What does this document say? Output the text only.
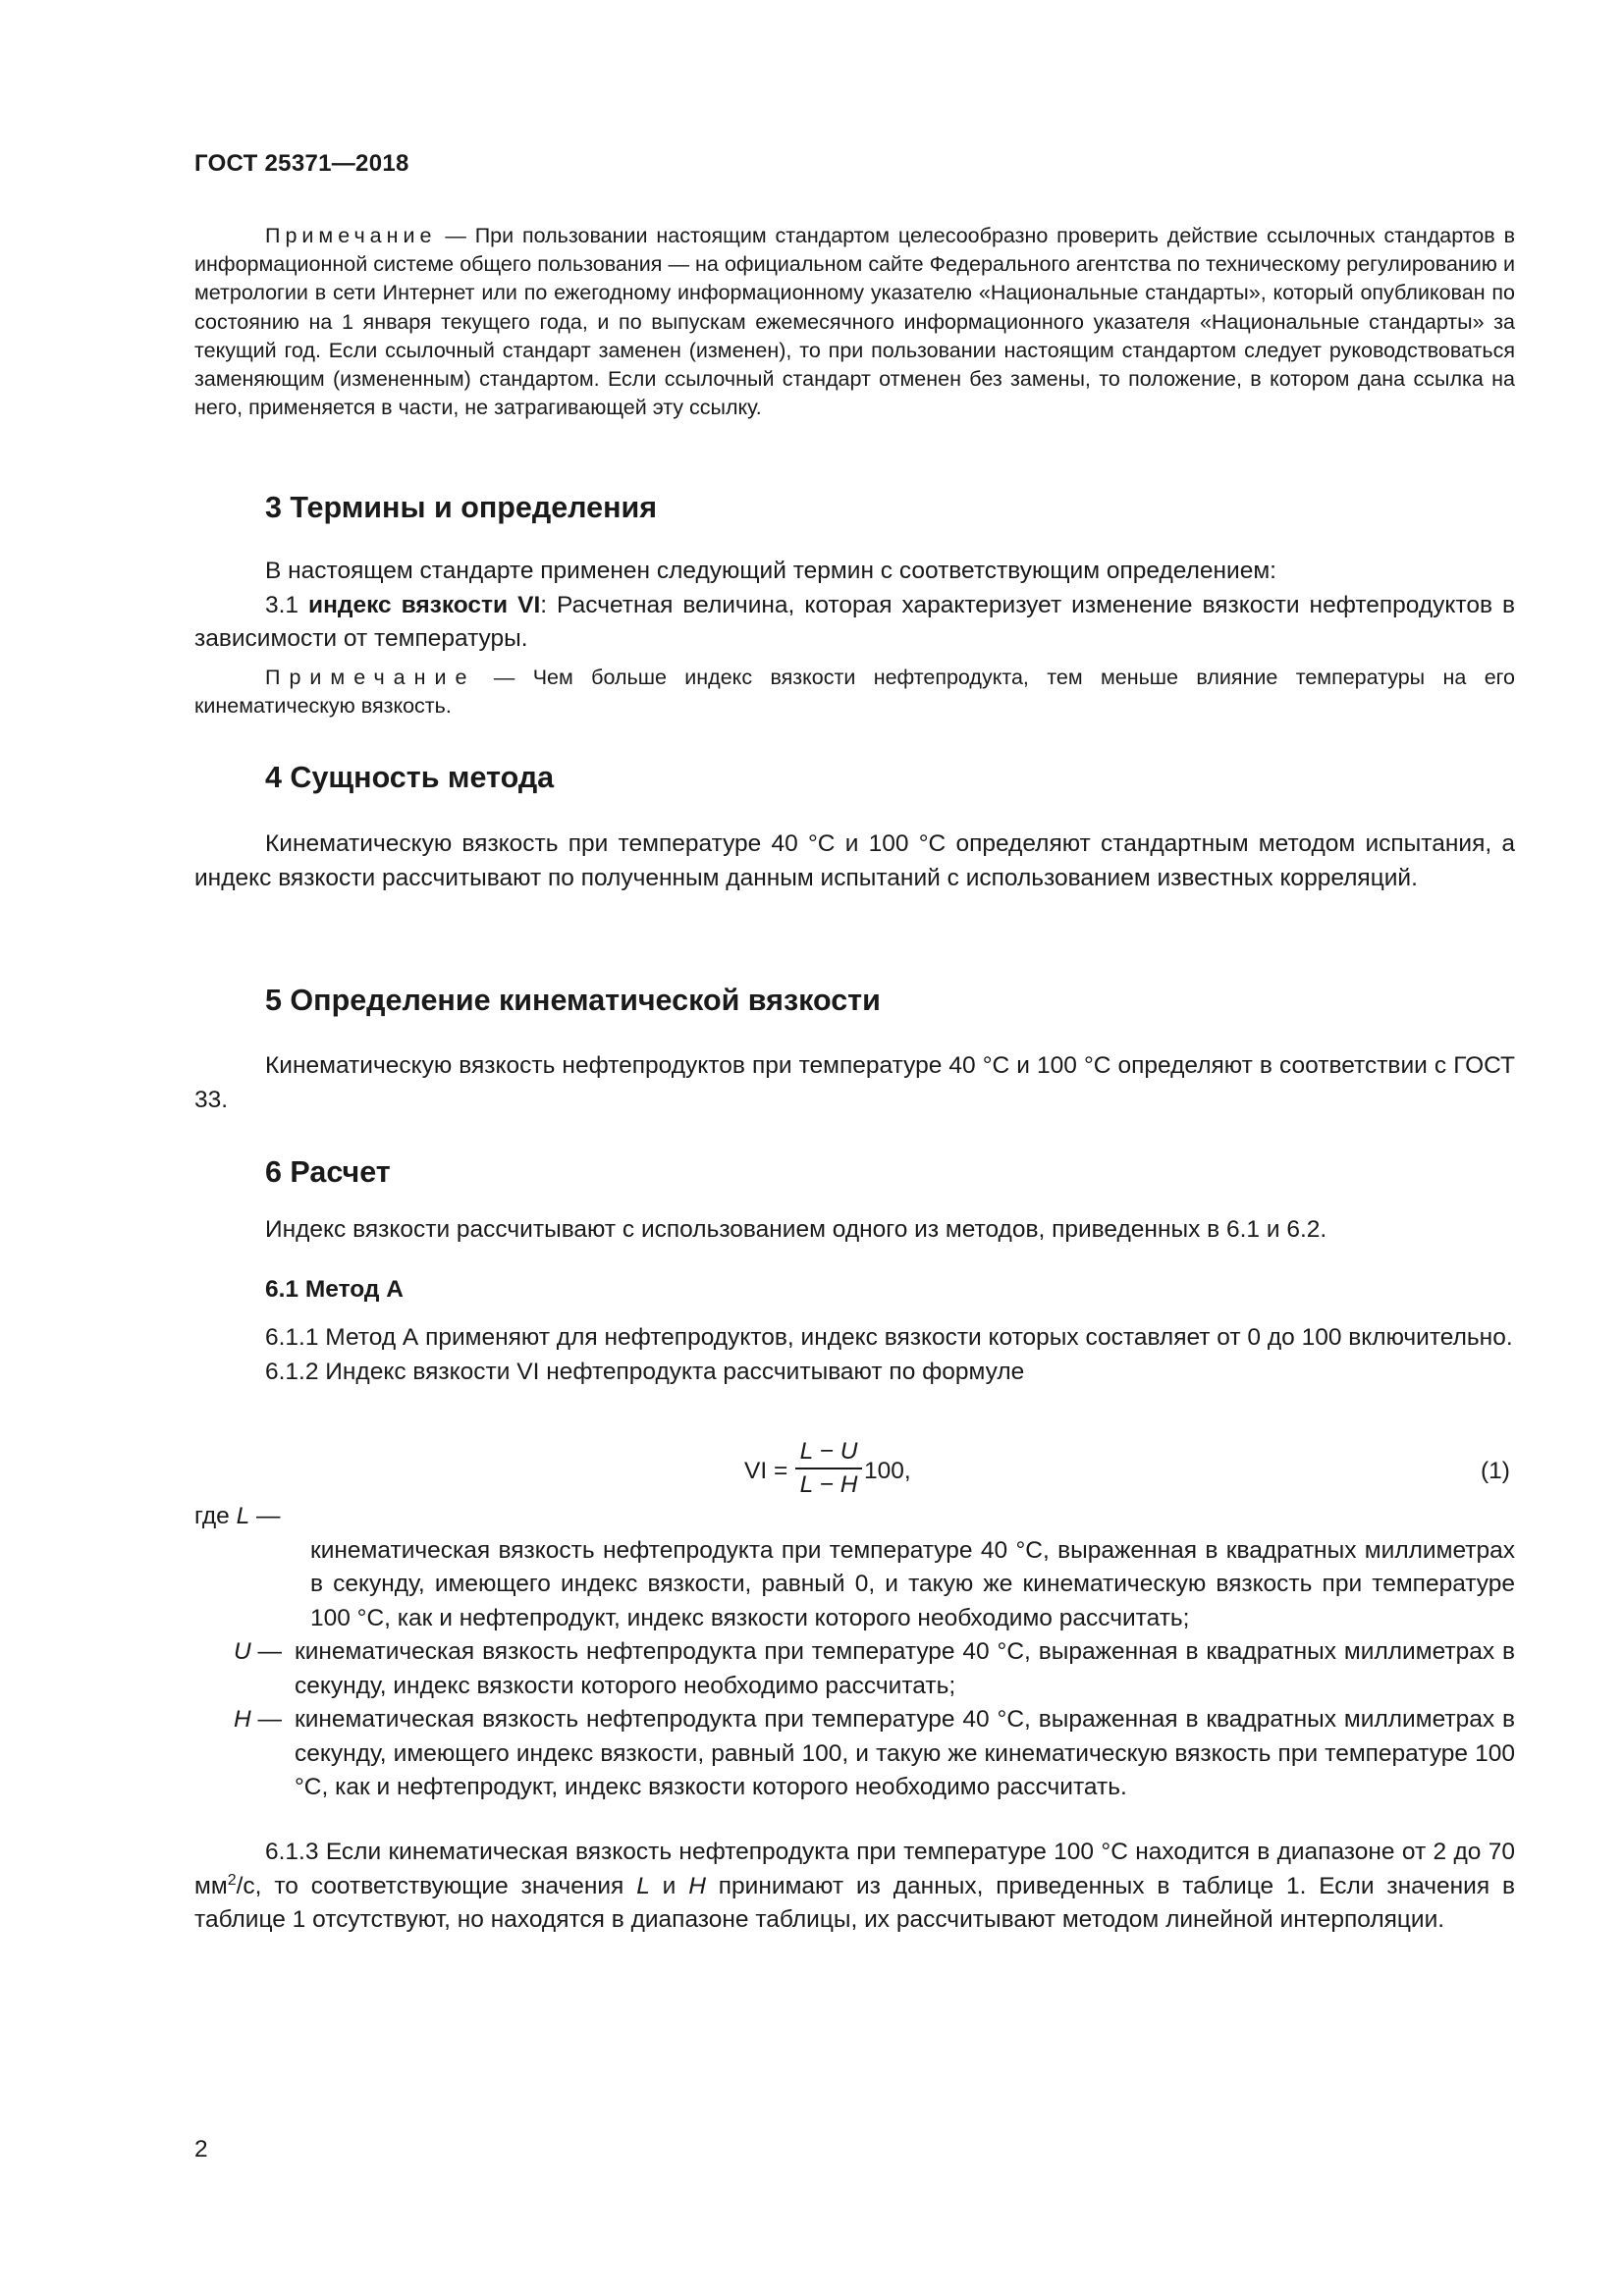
ГОСТ 25371—2018

Примечание — При пользовании настоящим стандартом целесообразно проверить действие ссылочных стандартов в информационной системе общего пользования — на официальном сайте Федерального агентства по техническому регулированию и метрологии в сети Интернет или по ежегодному информационному указателю «Национальные стандарты», который опубликован по состоянию на 1 января текущего года, и по выпускам ежемесячного информационного указателя «Национальные стандарты» за текущий год. Если ссылочный стандарт заменен (изменен), то при пользовании настоящим стандартом следует руководствоваться заменяющим (измененным) стандартом. Если ссылочный стандарт отменен без замены, то положение, в котором дана ссылка на него, применяется в части, не затрагивающей эту ссылку.

3 Термины и определения

В настоящем стандарте применен следующий термин с соответствующим определением:

3.1 индекс вязкости VI: Расчетная величина, которая характеризует изменение вязкости нефтепродуктов в зависимости от температуры.

Примечание — Чем больше индекс вязкости нефтепродукта, тем меньше влияние температуры на его кинематическую вязкость.

4 Сущность метода

Кинематическую вязкость при температуре 40 °C и 100 °C определяют стандартным методом испытания, а индекс вязкости рассчитывают по полученным данным испытаний с использованием известных корреляций.

5 Определение кинематической вязкости

Кинематическую вязкость нефтепродуктов при температуре 40 °C и 100 °C определяют в соответствии с ГОСТ 33.

6 Расчет

Индекс вязкости рассчитывают с использованием одного из методов, приведенных в 6.1 и 6.2.

6.1 Метод А

6.1.1 Метод А применяют для нефтепродуктов, индекс вязкости которых составляет от 0 до 100 включительно.

6.1.2 Индекс вязкости VI нефтепродукта рассчитывают по формуле

VI =
L − U
L − H
100,	(1)
где L —
кинематическая вязкость нефтепродукта при температуре 40 °C, выраженная в квадратных миллиметрах в секунду, имеющего индекс вязкости, равный 0, и такую же кинематическую вязкость при температуре 100 °C, как и нефтепродукт, индекс вязкости которого необходимо рассчитать;
U — кинематическая вязкость нефтепродукта при температуре 40 °C, выраженная в квадратных миллиметрах в секунду, индекс вязкости которого необходимо рассчитать;
H — кинематическая вязкость нефтепродукта при температуре 40 °C, выраженная в квадратных миллиметрах в секунду, имеющего индекс вязкости, равный 100, и такую же кинематическую вязкость при температуре 100 °C, как и нефтепродукт, индекс вязкости которого необходимо рассчитать.

6.1.3 Если кинематическая вязкость нефтепродукта при температуре 100 °C находится в диапазоне от 2 до 70 $мм^2/с$, то соответствующие значения L и H принимают из данных, приведенных в таблице 1. Если значения в таблице 1 отсутствуют, но находятся в диапазоне таблицы, их рассчитывают методом линейной интерполяции.

2
